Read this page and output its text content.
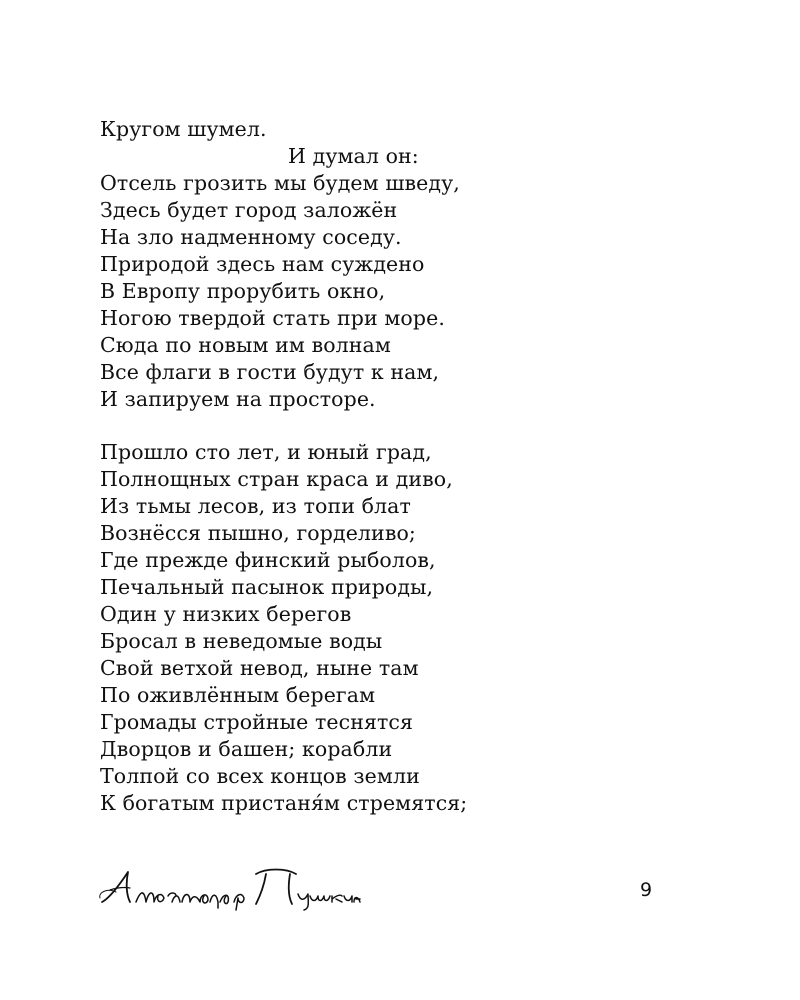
Кругом шумел.
И думал он:
Отсель грозить мы будем шведу,
Здесь будет город заложён
На зло надменному соседу.
Природой здесь нам суждено
В Европу прорубить окно,
Ногою твердой стать при море.
Сюда по новым им волнам
Все флаги в гости будут к нам,
И запируем на просторе.
Прошло сто лет, и юный град,
Полнощных стран краса и диво,
Из тьмы лесов, из топи блат
Вознёсся пышно, горделиво;
Где прежде финский рыболов,
Печальный пасынок природы,
Один у низких берегов
Бросал в неведомые воды
Свой ветхой невод, ныне там
По оживлённым берегам
Громады стройные теснятся
Дворцов и башен; корабли
Толпой со всех концов земли
К богатым пристаня́м стремятся;
9
